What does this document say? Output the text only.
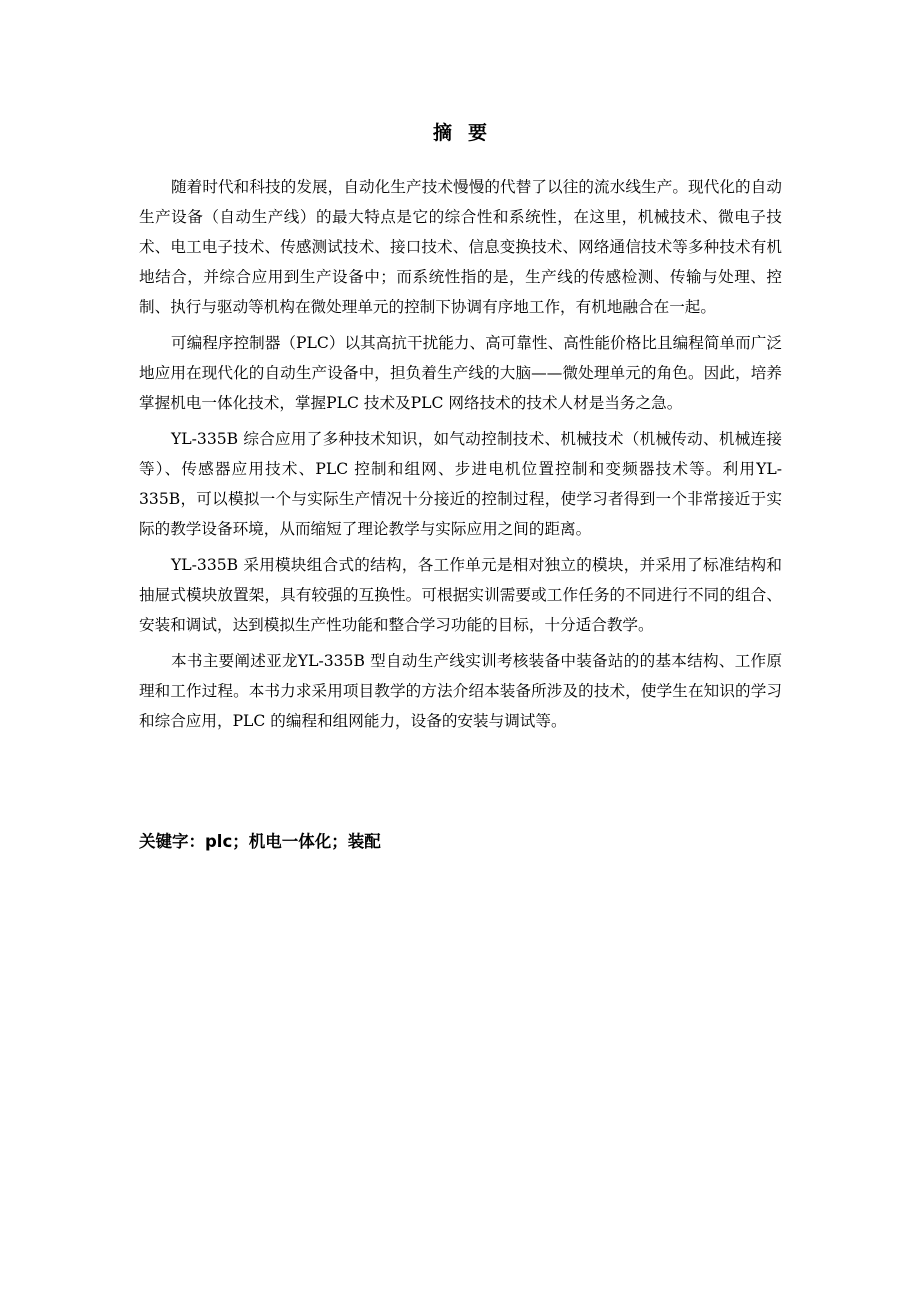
摘 要

随着时代和科技的发展，自动化生产技术慢慢的代替了以往的流水线生产。现代化的自动生产设备（自动生产线）的最大特点是它的综合性和系统性，在这里，机械技术、微电子技术、电工电子技术、传感测试技术、接口技术、信息变换技术、网络通信技术等多种技术有机地结合，并综合应用到生产设备中；而系统性指的是，生产线的传感检测、传输与处理、控制、执行与驱动等机构在微处理单元的控制下协调有序地工作，有机地融合在一起。

可编程序控制器（PLC）以其高抗干扰能力、高可靠性、高性能价格比且编程简单而广泛地应用在现代化的自动生产设备中，担负着生产线的大脑——微处理单元的角色。因此，培养掌握机电一体化技术，掌握PLC 技术及PLC 网络技术的技术人材是当务之急。

YL-335B 综合应用了多种技术知识，如气动控制技术、机械技术（机械传动、机械连接等）、传感器应用技术、PLC 控制和组网、步进电机位置控制和变频器技术等。利用YL-335B，可以模拟一个与实际生产情况十分接近的控制过程，使学习者得到一个非常接近于实际的教学设备环境，从而缩短了理论教学与实际应用之间的距离。

YL-335B 采用模块组合式的结构，各工作单元是相对独立的模块，并采用了标准结构和抽屉式模块放置架，具有较强的互换性。可根据实训需要或工作任务的不同进行不同的组合、安装和调试，达到模拟生产性功能和整合学习功能的目标，十分适合教学。

本书主要阐述亚龙YL-335B 型自动生产线实训考核装备中装备站的的基本结构、工作原理和工作过程。本书力求采用项目教学的方法介绍本装备所涉及的技术，使学生在知识的学习和综合应用，PLC 的编程和组网能力，设备的安装与调试等。

关键字：plc；机电一体化；装配
